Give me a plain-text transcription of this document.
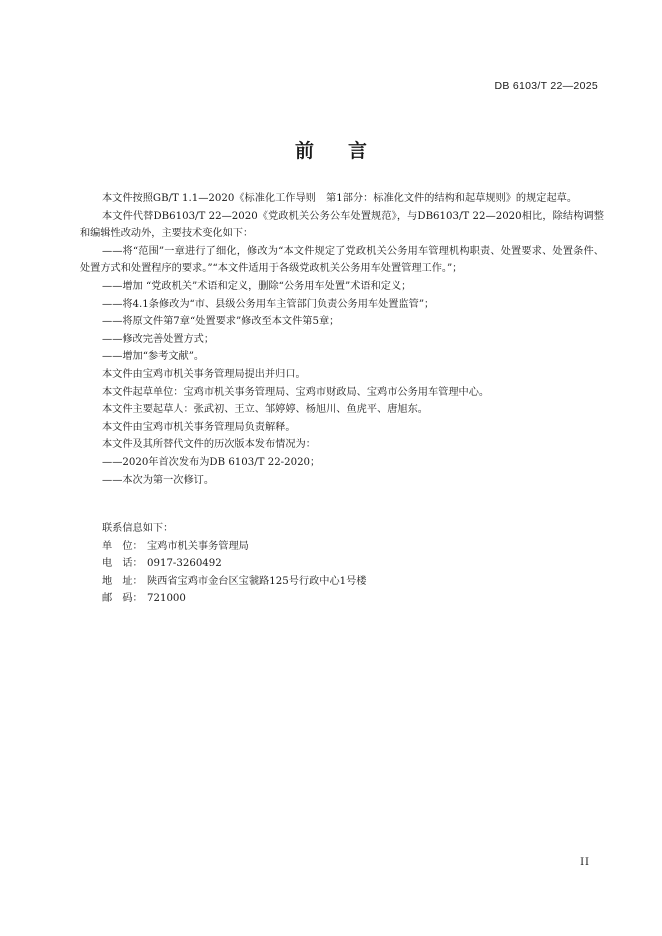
DB 6103/T 22—2025
前 言

本文件按照GB/T 1.1—2020《标准化工作导则　第1部分：标准化文件的结构和起草规则》的规定起草。

本文件代替DB6103/T 22—2020《党政机关公务公车处置规范》，与DB6103/T 22—2020相比，除结构调整和编辑性改动外，主要技术变化如下：

——将“范围”一章进行了细化，修改为“本文件规定了党政机关公务用车管理机构职责、处置要求、处置条件、处置方式和处置程序的要求。”“本文件适用于各级党政机关公务用车处置管理工作。”；

——增加 “党政机关”术语和定义，删除“公务用车处置”术语和定义；

——将4.1条修改为“市、县级公务用车主管部门负责公务用车处置监管”；

——将原文件第7章“处置要求”修改至本文件第5章；

——修改完善处置方式；

——增加“参考文献”。

本文件由宝鸡市机关事务管理局提出并归口。

本文件起草单位：宝鸡市机关事务管理局、宝鸡市财政局、宝鸡市公务用车管理中心。

本文件主要起草人：张武初、王立、邹婷婷、杨旭川、鱼虎平、唐旭东。

本文件由宝鸡市机关事务管理局负责解释。

本文件及其所替代文件的历次版本发布情况为：

——2020年首次发布为DB 6103/T 22-2020；

——本次为第一次修订。

联系信息如下：

单　位： 宝鸡市机关事务管理局

电　话： 0917-3260492

地　址： 陕西省宝鸡市金台区宝虢路125号行政中心1号楼

邮　码： 721000

II
